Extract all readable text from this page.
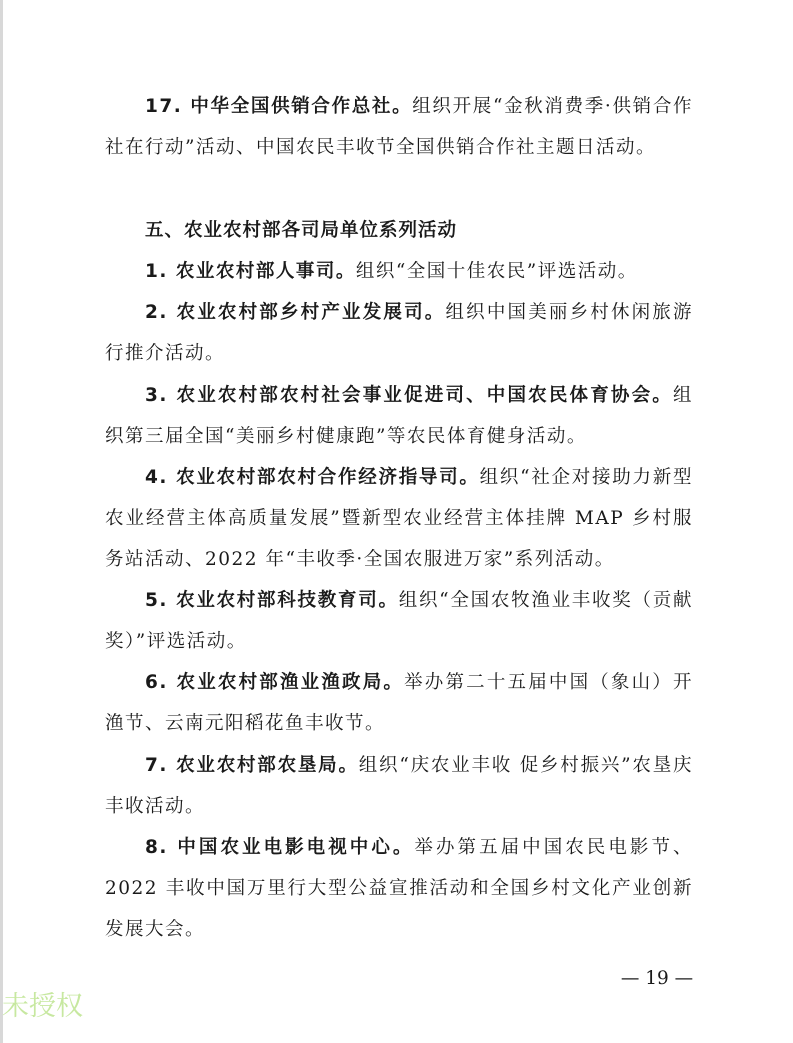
17. 中华全国供销合作总社。组织开展“金秋消费季·供销合作社在行动”活动、中国农民丰收节全国供销合作社主题日活动。

五、农业农村部各司局单位系列活动

1. 农业农村部人事司。组织“全国十佳农民”评选活动。

2. 农业农村部乡村产业发展司。组织中国美丽乡村休闲旅游行推介活动。

3. 农业农村部农村社会事业促进司、中国农民体育协会。组织第三届全国“美丽乡村健康跑”等农民体育健身活动。

4. 农业农村部农村合作经济指导司。组织“社企对接助力新型农业经营主体高质量发展”暨新型农业经营主体挂牌 MAP 乡村服务站活动、2022 年“丰收季·全国农服进万家”系列活动。

5. 农业农村部科技教育司。组织“全国农牧渔业丰收奖（贡献奖）”评选活动。

6. 农业农村部渔业渔政局。举办第二十五届中国（象山）开渔节、云南元阳稻花鱼丰收节。

7. 农业农村部农垦局。组织“庆农业丰收 促乡村振兴”农垦庆丰收活动。

8. 中国农业电影电视中心。举办第五届中国农民电影节、2022 丰收中国万里行大型公益宣推活动和全国乡村文化产业创新发展大会。

— 19 —
未授权
